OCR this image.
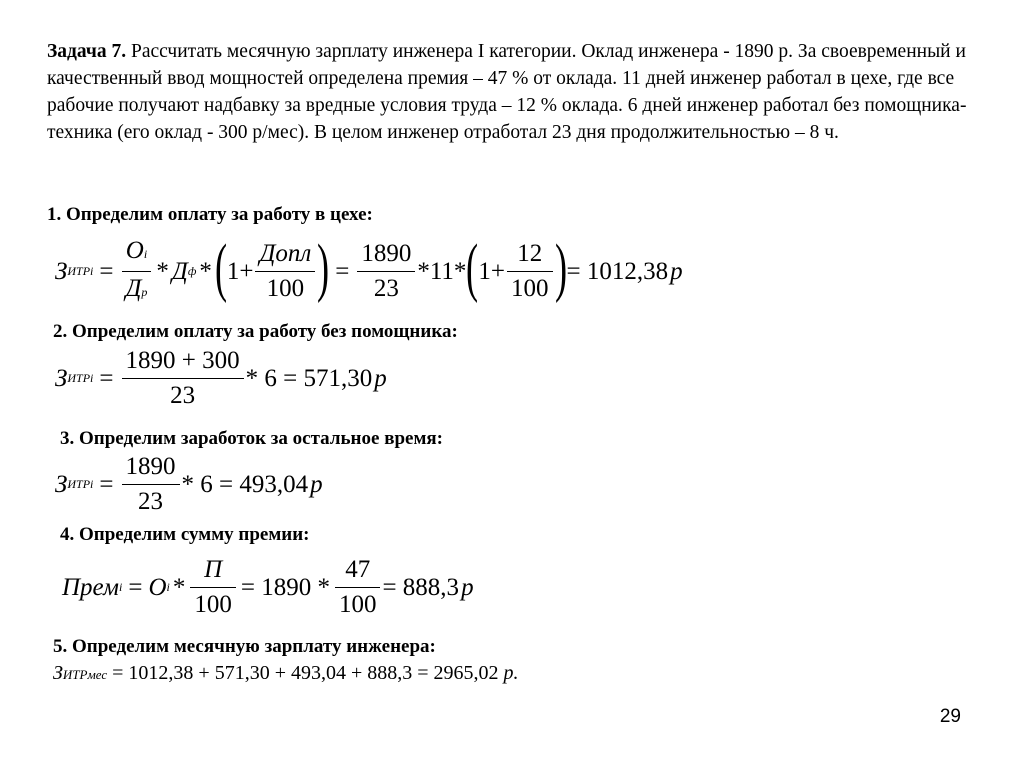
Задача 7. Рассчитать месячную зарплату инженера I категории. Оклад инженера - 1890 р. За своевременный и качественный ввод мощностей определена премия – 47 % от оклада. 11 дней инженер работал в цехе, где все рабочие получают надбавку за вредные условия труда – 12 % оклада. 6 дней инженер работал без помощника-техника (его оклад - 300 р/мес). В целом инженер отработал 23 дня продолжительностью – 8 ч.
1. Определим оплату за работу в цехе:
З ИТРi = $\frac{Оi}{Др}$ * Д ф * ( $1+ \frac{\text{Допл}}{100}$ ) = $\frac{1890}{23} *11*$ ( $1+ \frac{12}{100}$ ) = 1012,38 р
2. Определим оплату за работу без помощника:
З ИТРi = $\frac{1890 + 300}{23} * 6 = 571,30$ р
3. Определим заработок за остальное время:
З ИТРi = $\frac{1890}{23} * 6 = 493,04$ р
4. Определим сумму премии:
Прем i = О $i * \frac{П}{100} = 1890 * \frac{47}{100} = 888,3$ р
5. Определим месячную зарплату инженера:
ЗИТРмес = 1012,38 + 571,30 + 493,04 + 888,3 = 2965,02 р.
29
